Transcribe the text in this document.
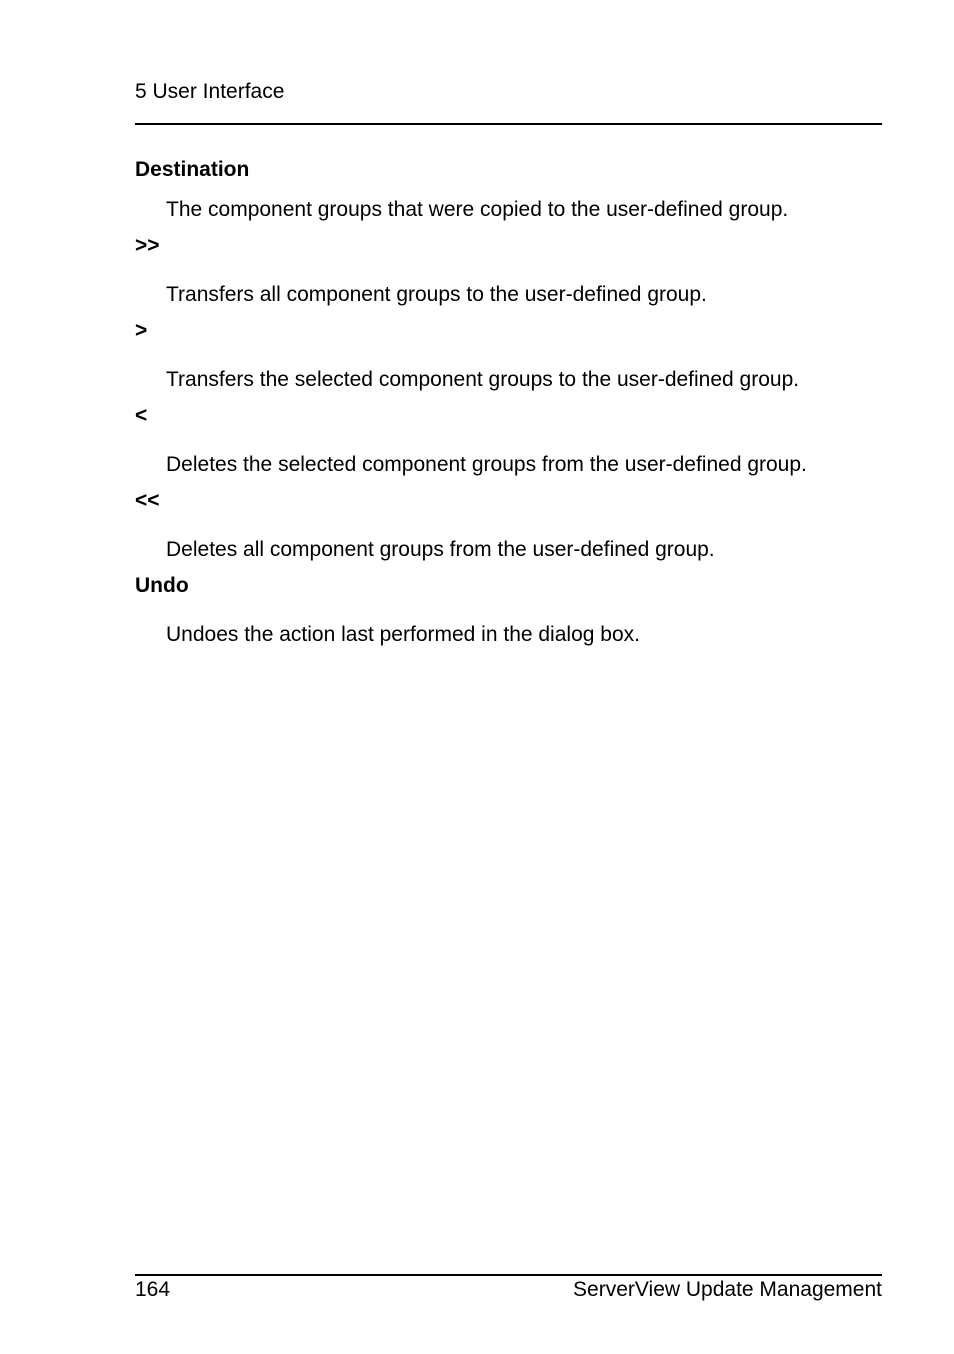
5 User Interface

Destination

The component groups that were copied to the user-defined group.

>>

Transfers all component groups to the user-defined group.

>

Transfers the selected component groups to the user-defined group.

<

Deletes the selected component groups from the user-defined group.

<<

Deletes all component groups from the user-defined group.

Undo

Undoes the action last performed in the dialog box.

164	ServerView Update Management
